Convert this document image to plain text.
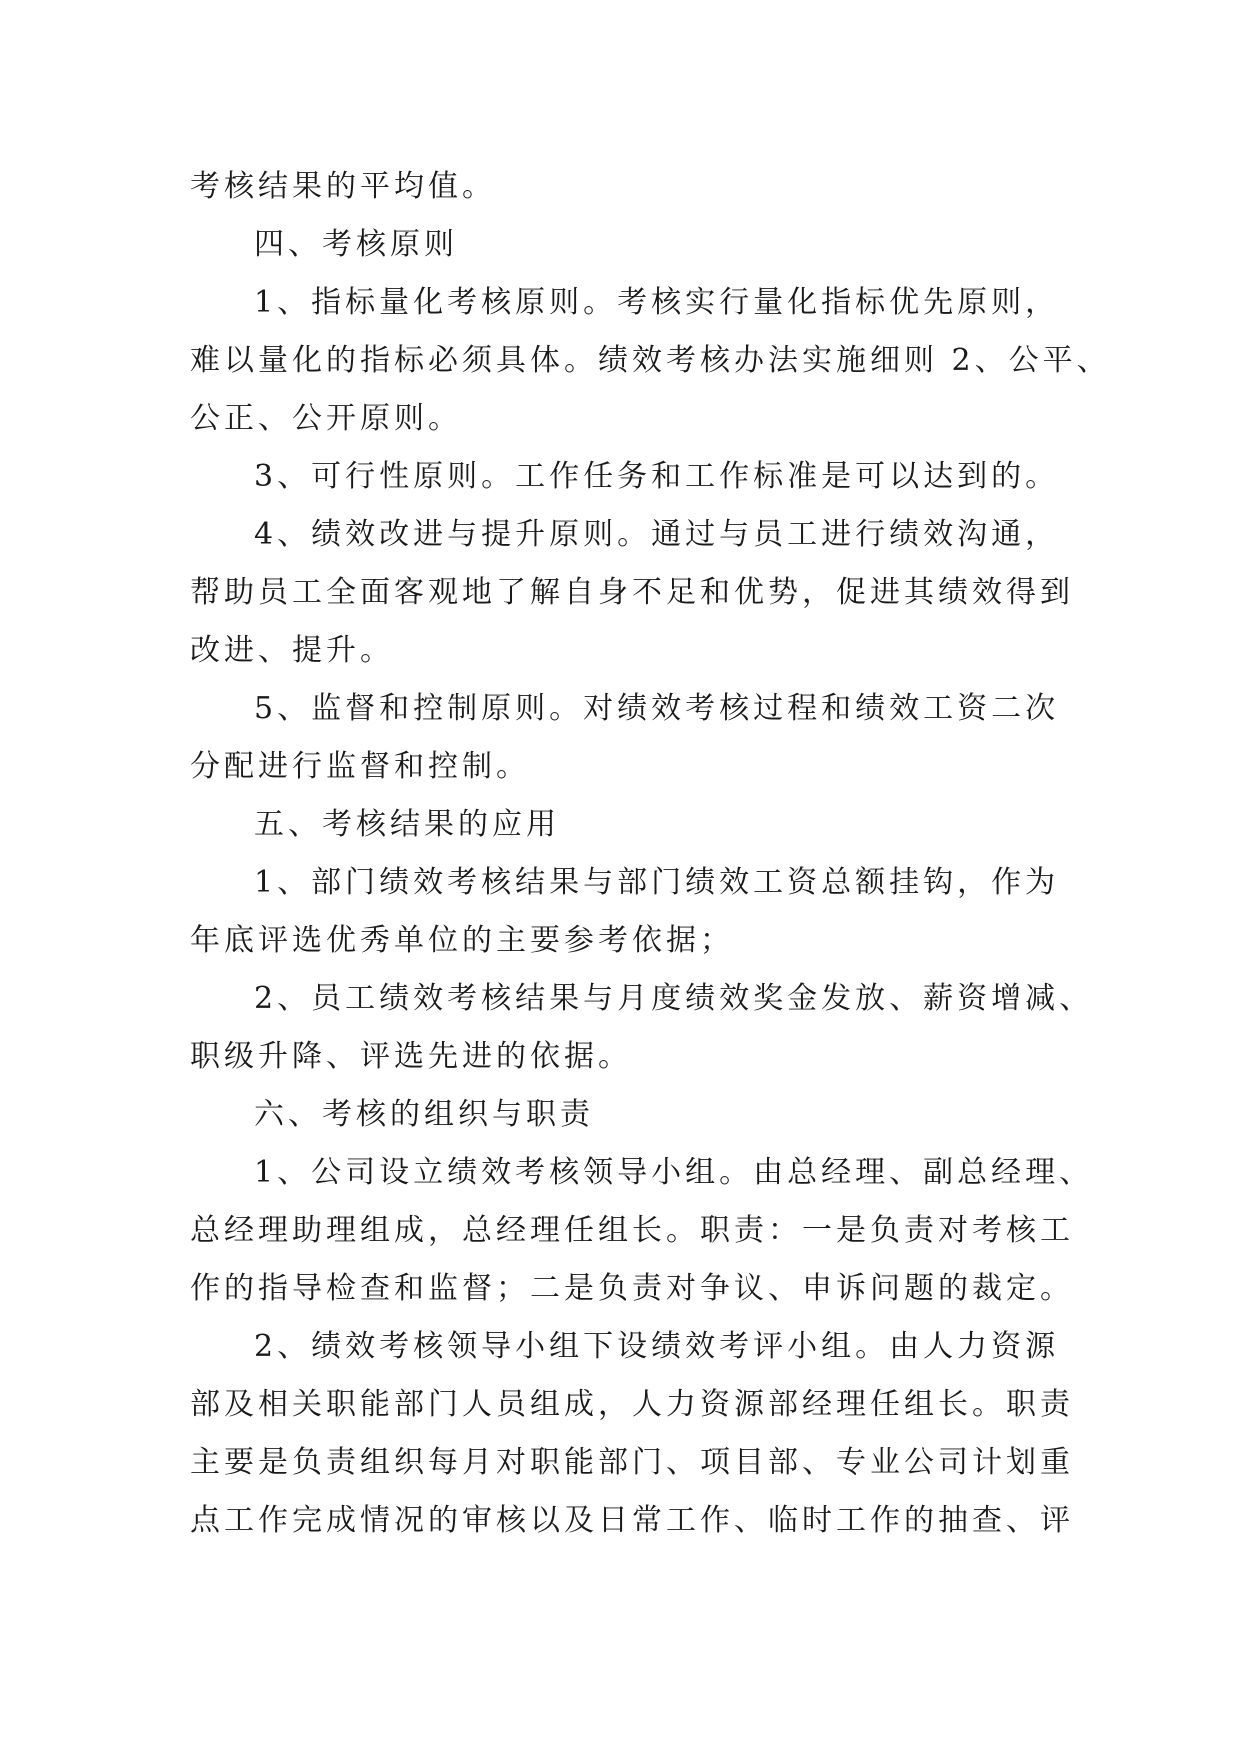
考核结果的平均值。
四、考核原则
1、指标量化考核原则。考核实行量化指标优先原则，
难以量化的指标必须具体。绩效考核办法实施细则 2、公平、
公正、公开原则。
3、可行性原则。工作任务和工作标准是可以达到的。
4、绩效改进与提升原则。通过与员工进行绩效沟通，
帮助员工全面客观地了解自身不足和优势，促进其绩效得到
改进、提升。
5、监督和控制原则。对绩效考核过程和绩效工资二次
分配进行监督和控制。
五、考核结果的应用
1、部门绩效考核结果与部门绩效工资总额挂钩，作为
年底评选优秀单位的主要参考依据；
2、员工绩效考核结果与月度绩效奖金发放、薪资增减、
职级升降、评选先进的依据。
六、考核的组织与职责
1、公司设立绩效考核领导小组。由总经理、副总经理、
总经理助理组成，总经理任组长。职责：一是负责对考核工
作的指导检查和监督；二是负责对争议、申诉问题的裁定。
2、绩效考核领导小组下设绩效考评小组。由人力资源
部及相关职能部门人员组成，人力资源部经理任组长。职责
主要是负责组织每月对职能部门、项目部、专业公司计划重
点工作完成情况的审核以及日常工作、临时工作的抽查、评
